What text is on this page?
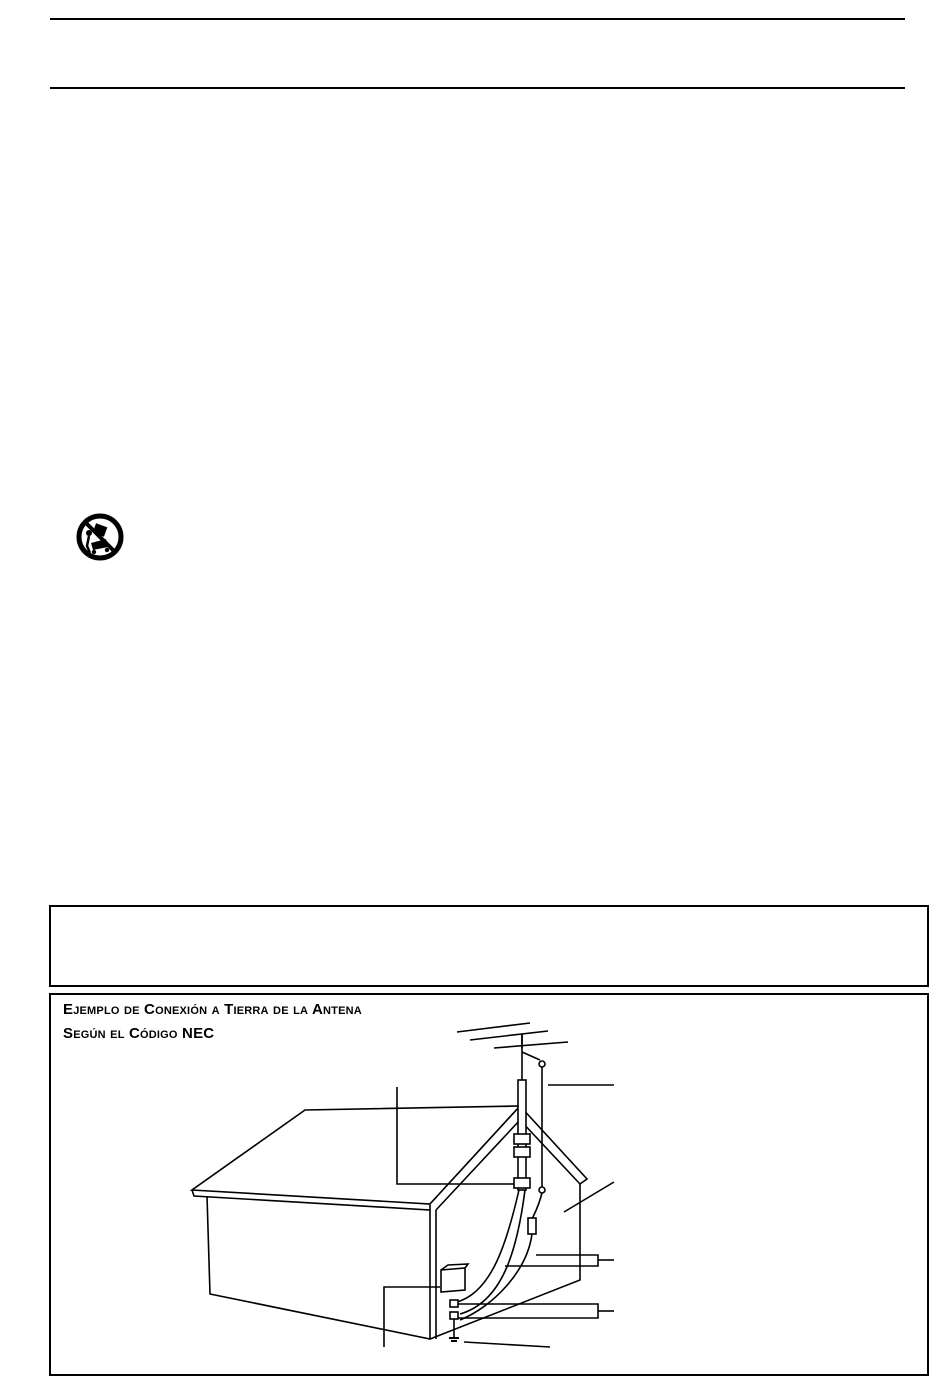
Ejemplo de Conexión a Tierra de la Antena
Según el Código NEC
